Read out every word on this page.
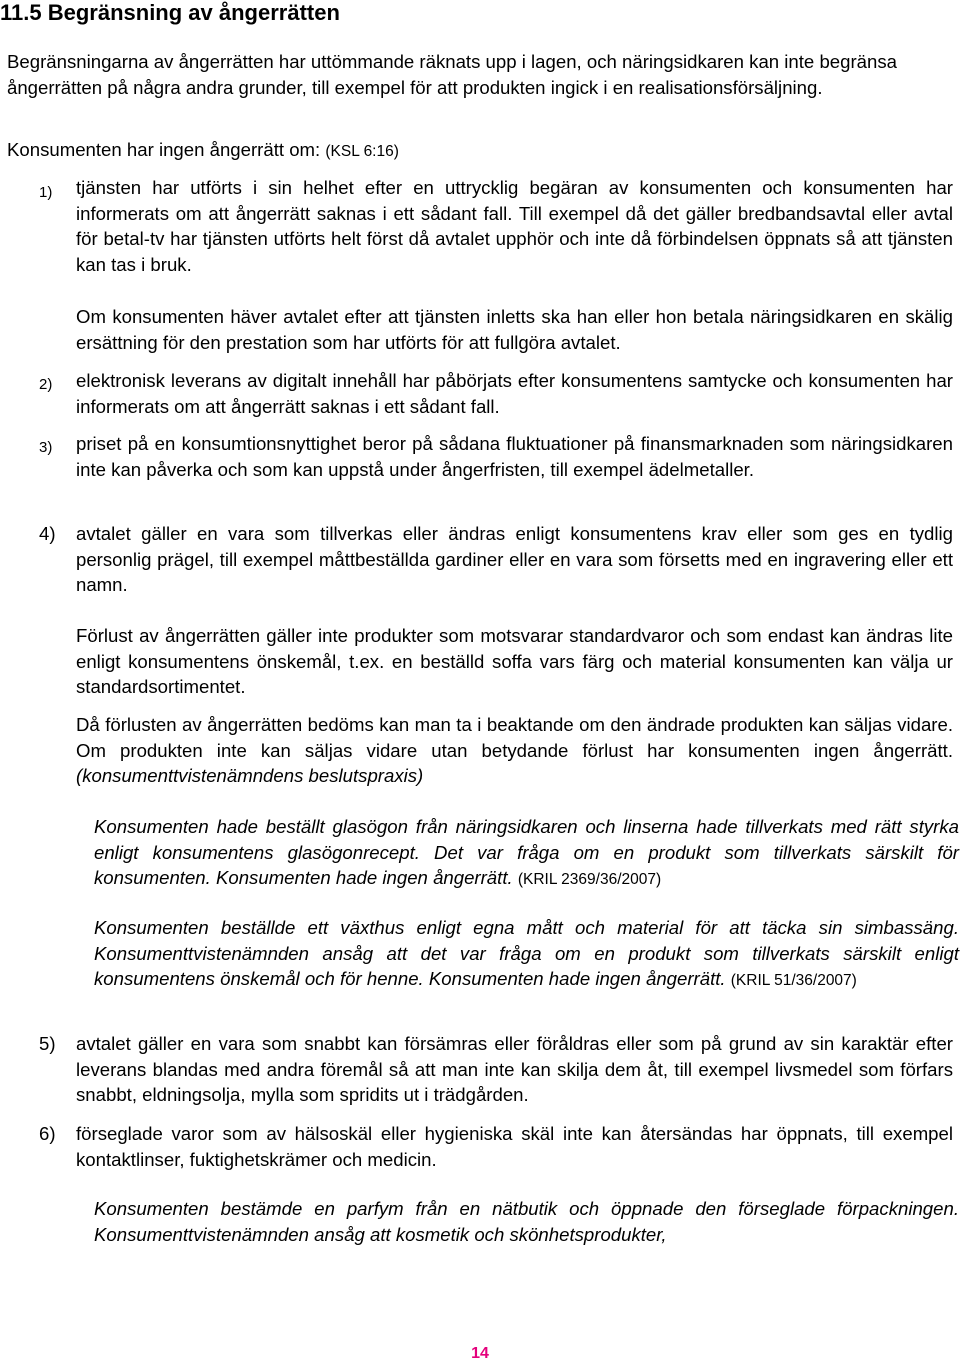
11.5 Begränsning av ångerrätten

Begränsningarna av ångerrätten har uttömmande räknats upp i lagen, och näringsidkaren kan inte begränsa ångerrätten på några andra grunder, till exempel för att produkten ingick i en realisationsförsäljning.

Konsumenten har ingen ångerrätt om: (KSL 6:16)

1)	tjänsten har utförts i sin helhet efter en uttrycklig begäran av konsumenten och konsumenten har informerats om att ångerrätt saknas i ett sådant fall. Till exempel då det gäller bredbandsavtal eller avtal för betal-tv har tjänsten utförts helt först då avtalet upphör och inte då förbindelsen öppnats så att tjänsten kan tas i bruk.

Om konsumenten häver avtalet efter att tjänsten inletts ska han eller hon betala näringsidkaren en skälig ersättning för den prestation som har utförts för att fullgöra avtalet.

2)	elektronisk leverans av digitalt innehåll har påbörjats efter konsumentens samtycke och konsumenten har informerats om att ångerrätt saknas i ett sådant fall.

3)	priset på en konsumtionsnyttighet beror på sådana fluktuationer på finansmarknaden som näringsidkaren inte kan påverka och som kan uppstå under ångerfristen, till exempel ädelmetaller.

4)	avtalet gäller en vara som tillverkas eller ändras enligt konsumentens krav eller som ges en tydlig personlig prägel, till exempel måttbeställda gardiner eller en vara som försetts med en ingravering eller ett namn.

Förlust av ångerrätten gäller inte produkter som motsvarar standardvaror och som endast kan ändras lite enligt konsumentens önskemål, t.ex. en beställd soffa vars färg och material konsumenten kan välja ur standardsortimentet.

Då förlusten av ångerrätten bedöms kan man ta i beaktande om den ändrade produkten kan säljas vidare. Om produkten inte kan säljas vidare utan betydande förlust har konsumenten ingen ångerrätt. (konsumenttvistenämndens beslutspraxis)

Konsumenten hade beställt glasögon från näringsidkaren och linserna hade tillverkats med rätt styrka enligt konsumentens glasögonrecept. Det var fråga om en produkt som tillverkats särskilt för konsumenten. Konsumenten hade ingen ångerrätt. (KRIL 2369/36/2007)

Konsumenten beställde ett växthus enligt egna mått och material för att täcka sin simbassäng. Konsumenttvistenämnden ansåg att det var fråga om en produkt som tillverkats särskilt enligt konsumentens önskemål och för henne. Konsumenten hade ingen ångerrätt. (KRIL 51/36/2007)

5)	avtalet gäller en vara som snabbt kan försämras eller föråldras eller som på grund av sin karaktär efter leverans blandas med andra föremål så att man inte kan skilja dem åt, till exempel livsmedel som förfars snabbt, eldningsolja, mylla som spridits ut i trädgården.

6)	förseglade varor som av hälsoskäl eller hygieniska skäl inte kan återsändas har öppnats, till exempel kontaktlinser, fuktighetskrämer och medicin.

Konsumenten bestämde en parfym från en nätbutik och öppnade den förseglade förpackningen. Konsumenttvistenämnden ansåg att kosmetik och skönhetsprodukter,

14
